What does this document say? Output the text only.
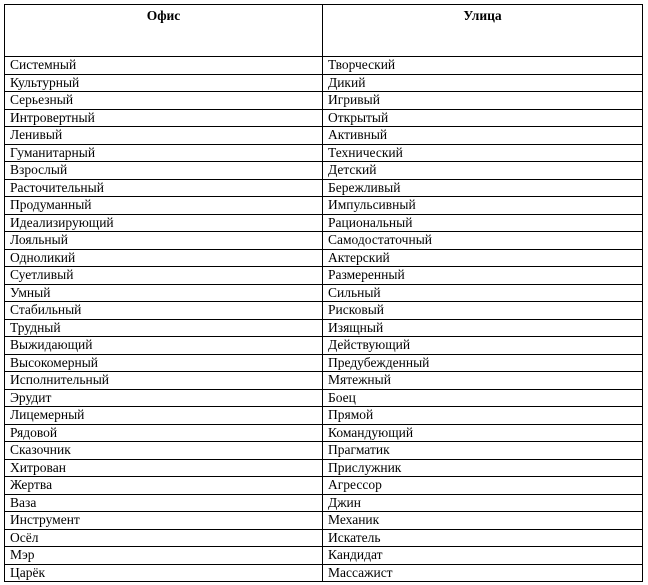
Офис	Улица
Системный	Творческий
Культурный	Дикий
Серьезный	Игривый
Интровертный	Открытый
Ленивый	Активный
Гуманитарный	Технический
Взрослый	Детский
Расточительный	Бережливый
Продуманный	Импульсивный
Идеализирующий	Рациональный
Лояльный	Самодостаточный
Одноликий	Актерский
Суетливый	Размеренный
Умный	Сильный
Стабильный	Рисковый
Трудный	Изящный
Выжидающий	Действующий
Высокомерный	Предубежденный
Исполнительный	Мятежный
Эрудит	Боец
Лицемерный	Прямой
Рядовой	Командующий
Сказочник	Прагматик
Хитрован	Прислужник
Жертва	Агрессор
Ваза	Джин
Инструмент	Механик
Осёл	Искатель
Мэр	Кандидат
Царёк	Массажист
